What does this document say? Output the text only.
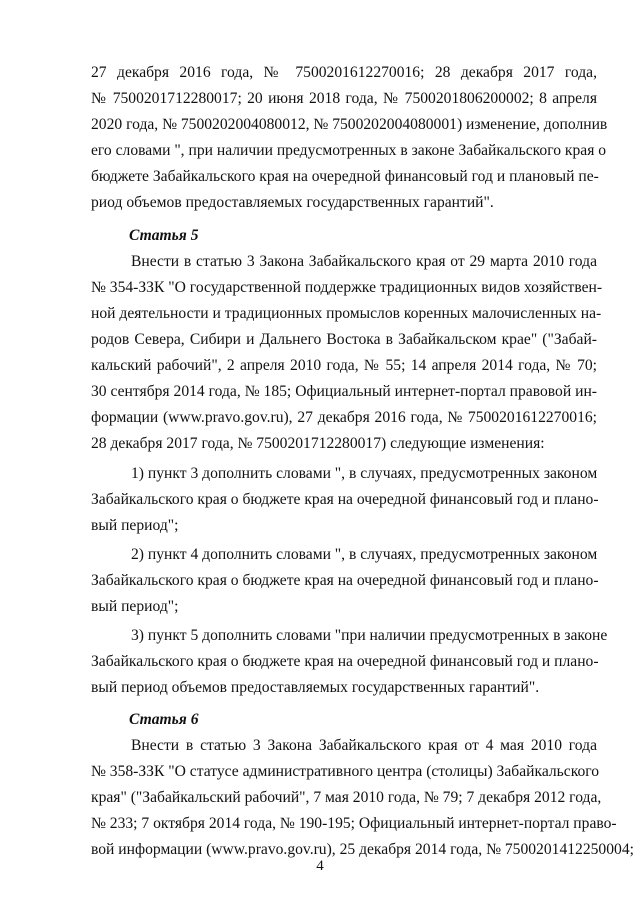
27 декабря 2016 года, № 7500201612270016; 28 декабря 2017 года,
№ 7500201712280017; 20 июня 2018 года, № 7500201806200002; 8 апреля
2020 года, № 7500202004080012, № 7500202004080001) изменение, дополнив
его словами ", при наличии предусмотренных в законе Забайкальского края о
бюджете Забайкальского края на очередной финансовый год и плановый пе-
риод объемов предоставляемых государственных гарантий".
Статья 5
Внести в статью 3 Закона Забайкальского края от 29 марта 2010 года
№ 354-ЗЗК "О государственной поддержке традиционных видов хозяйствен-
ной деятельности и традиционных промыслов коренных малочисленных на-
родов Севера, Сибири и Дальнего Востока в Забайкальском крае" ("Забай-
кальский рабочий", 2 апреля 2010 года, № 55; 14 апреля 2014 года, № 70;
30 сентября 2014 года, № 185; Официальный интернет-портал правовой ин-
формации (www.pravo.gov.ru), 27 декабря 2016 года, № 7500201612270016;
28 декабря 2017 года, № 7500201712280017) следующие изменения:
1) пункт 3 дополнить словами ", в случаях, предусмотренных законом
Забайкальского края о бюджете края на очередной финансовый год и плано-
вый период";
2) пункт 4 дополнить словами ", в случаях, предусмотренных законом
Забайкальского края о бюджете края на очередной финансовый год и плано-
вый период";
3) пункт 5 дополнить словами "при наличии предусмотренных в законе
Забайкальского края о бюджете края на очередной финансовый год и плано-
вый период объемов предоставляемых государственных гарантий".
Статья 6
Внести в статью 3 Закона Забайкальского края от 4 мая 2010 года
№ 358-ЗЗК "О статусе административного центра (столицы) Забайкальского
края" ("Забайкальский рабочий", 7 мая 2010 года, № 79; 7 декабря 2012 года,
№ 233; 7 октября 2014 года, № 190-195; Официальный интернет-портал право-
вой информации (www.pravo.gov.ru), 25 декабря 2014 года, № 7500201412250004;
4
